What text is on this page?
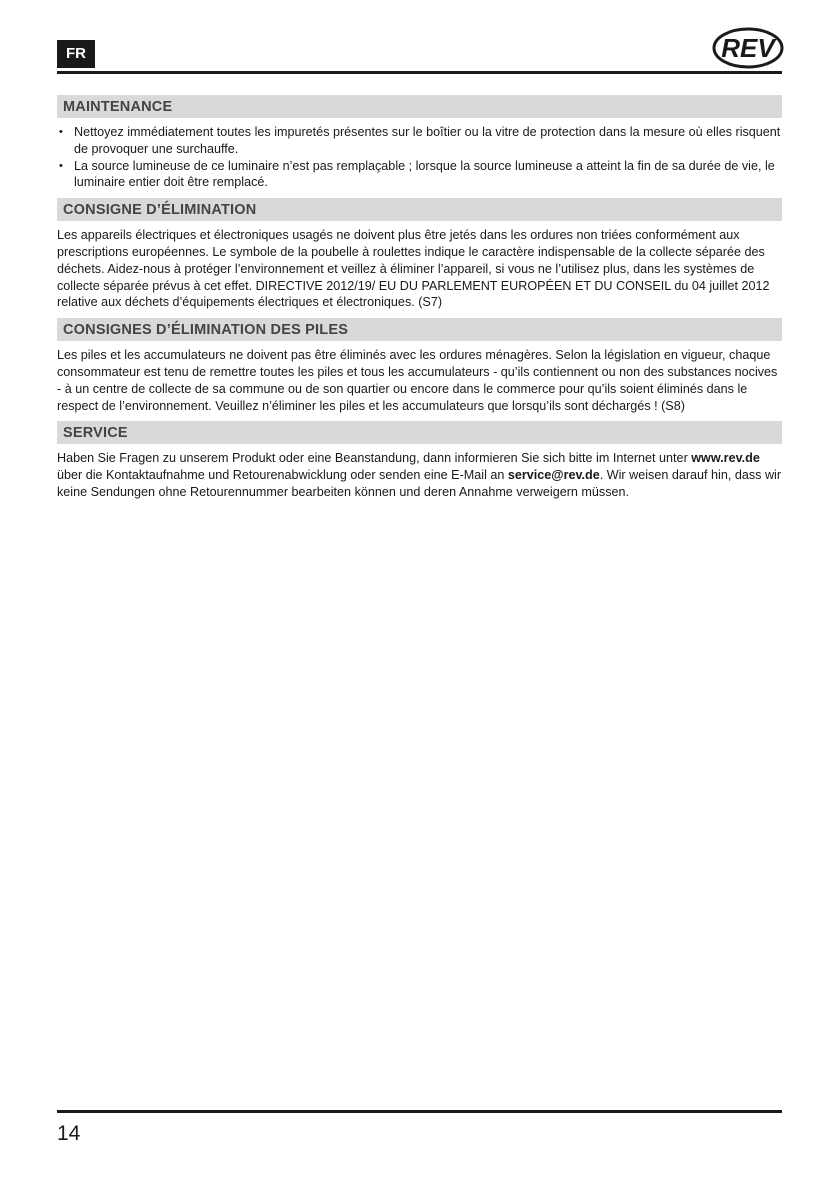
FR	REV
MAINTENANCE
• Nettoyez immédiatement toutes les impuretés présentes sur le boîtier ou la vitre de protection dans la mesure où elles risquent de provoquer une surchauffe.
• La source lumineuse de ce luminaire n’est pas remplaçable ; lorsque la source lumineuse a atteint la fin de sa durée de vie, le luminaire entier doit être remplacé.
CONSIGNE D’ÉLIMINATION

Les appareils électriques et électroniques usagés ne doivent plus être jetés dans les ordures non triées conformément aux prescriptions européennes. Le symbole de la poubelle à roulettes indique le caractère indispensable de la collecte séparée des déchets. Aidez-nous à protéger l’environnement et veillez à éliminer l’appareil, si vous ne l’utilisez plus, dans les systèmes de collecte séparée prévus à cet effet. DIRECTIVE 2012/19/ EU DU PARLEMENT EUROPÉEN ET DU CONSEIL du 04 juillet 2012 relative aux déchets d’équipements électriques et électroniques. (S7)

CONSIGNES D’ÉLIMINATION DES PILES

Les piles et les accumulateurs ne doivent pas être éliminés avec les ordures ménagères. Selon la législation en vigueur, chaque consommateur est tenu de remettre toutes les piles et tous les accumulateurs - qu’ils contiennent ou non des substances nocives - à un centre de collecte de sa commune ou de son quartier ou encore dans le commerce pour qu’ils soient éliminés dans le respect de l’environnement. Veuillez n’éliminer les piles et les accumulateurs que lorsqu’ils sont déchargés ! (S8)

SERVICE

Haben Sie Fragen zu unserem Produkt oder eine Beanstandung, dann informieren Sie sich bitte im Internet unter www.rev.de über die Kontaktaufnahme und Retourenabwicklung oder senden eine E-Mail an service@rev.de. Wir weisen darauf hin, dass wir keine Sendungen ohne Retourennummer bearbeiten können und deren Annahme verweigern müssen.

14
